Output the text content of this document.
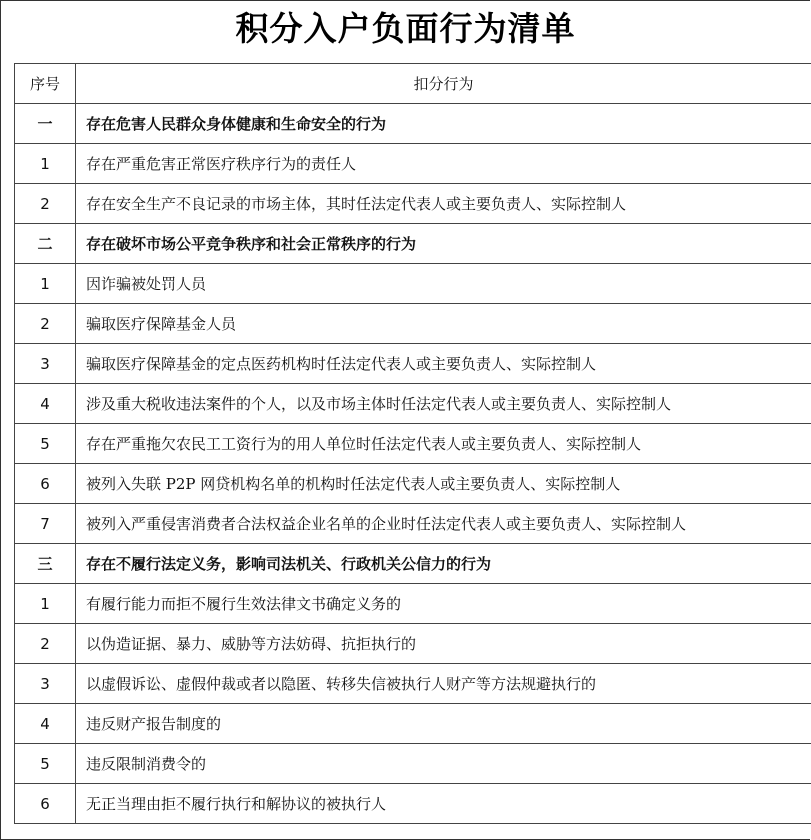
积分入户负面行为清单
序号	扣分行为
一	存在危害人民群众身体健康和生命安全的行为
1	存在严重危害正常医疗秩序行为的责任人
2	存在安全生产不良记录的市场主体，其时任法定代表人或主要负责人、实际控制人
二	存在破坏市场公平竞争秩序和社会正常秩序的行为
1	因诈骗被处罚人员
2	骗取医疗保障基金人员
3	骗取医疗保障基金的定点医药机构时任法定代表人或主要负责人、实际控制人
4	涉及重大税收违法案件的个人，以及市场主体时任法定代表人或主要负责人、实际控制人
5	存在严重拖欠农民工工资行为的用人单位时任法定代表人或主要负责人、实际控制人
6	被列入失联 P2P 网贷机构名单的机构时任法定代表人或主要负责人、实际控制人
7	被列入严重侵害消费者合法权益企业名单的企业时任法定代表人或主要负责人、实际控制人
三	存在不履行法定义务，影响司法机关、行政机关公信力的行为
1	有履行能力而拒不履行生效法律文书确定义务的
2	以伪造证据、暴力、威胁等方法妨碍、抗拒执行的
3	以虚假诉讼、虚假仲裁或者以隐匿、转移失信被执行人财产等方法规避执行的
4	违反财产报告制度的
5	违反限制消费令的
6	无正当理由拒不履行执行和解协议的被执行人
